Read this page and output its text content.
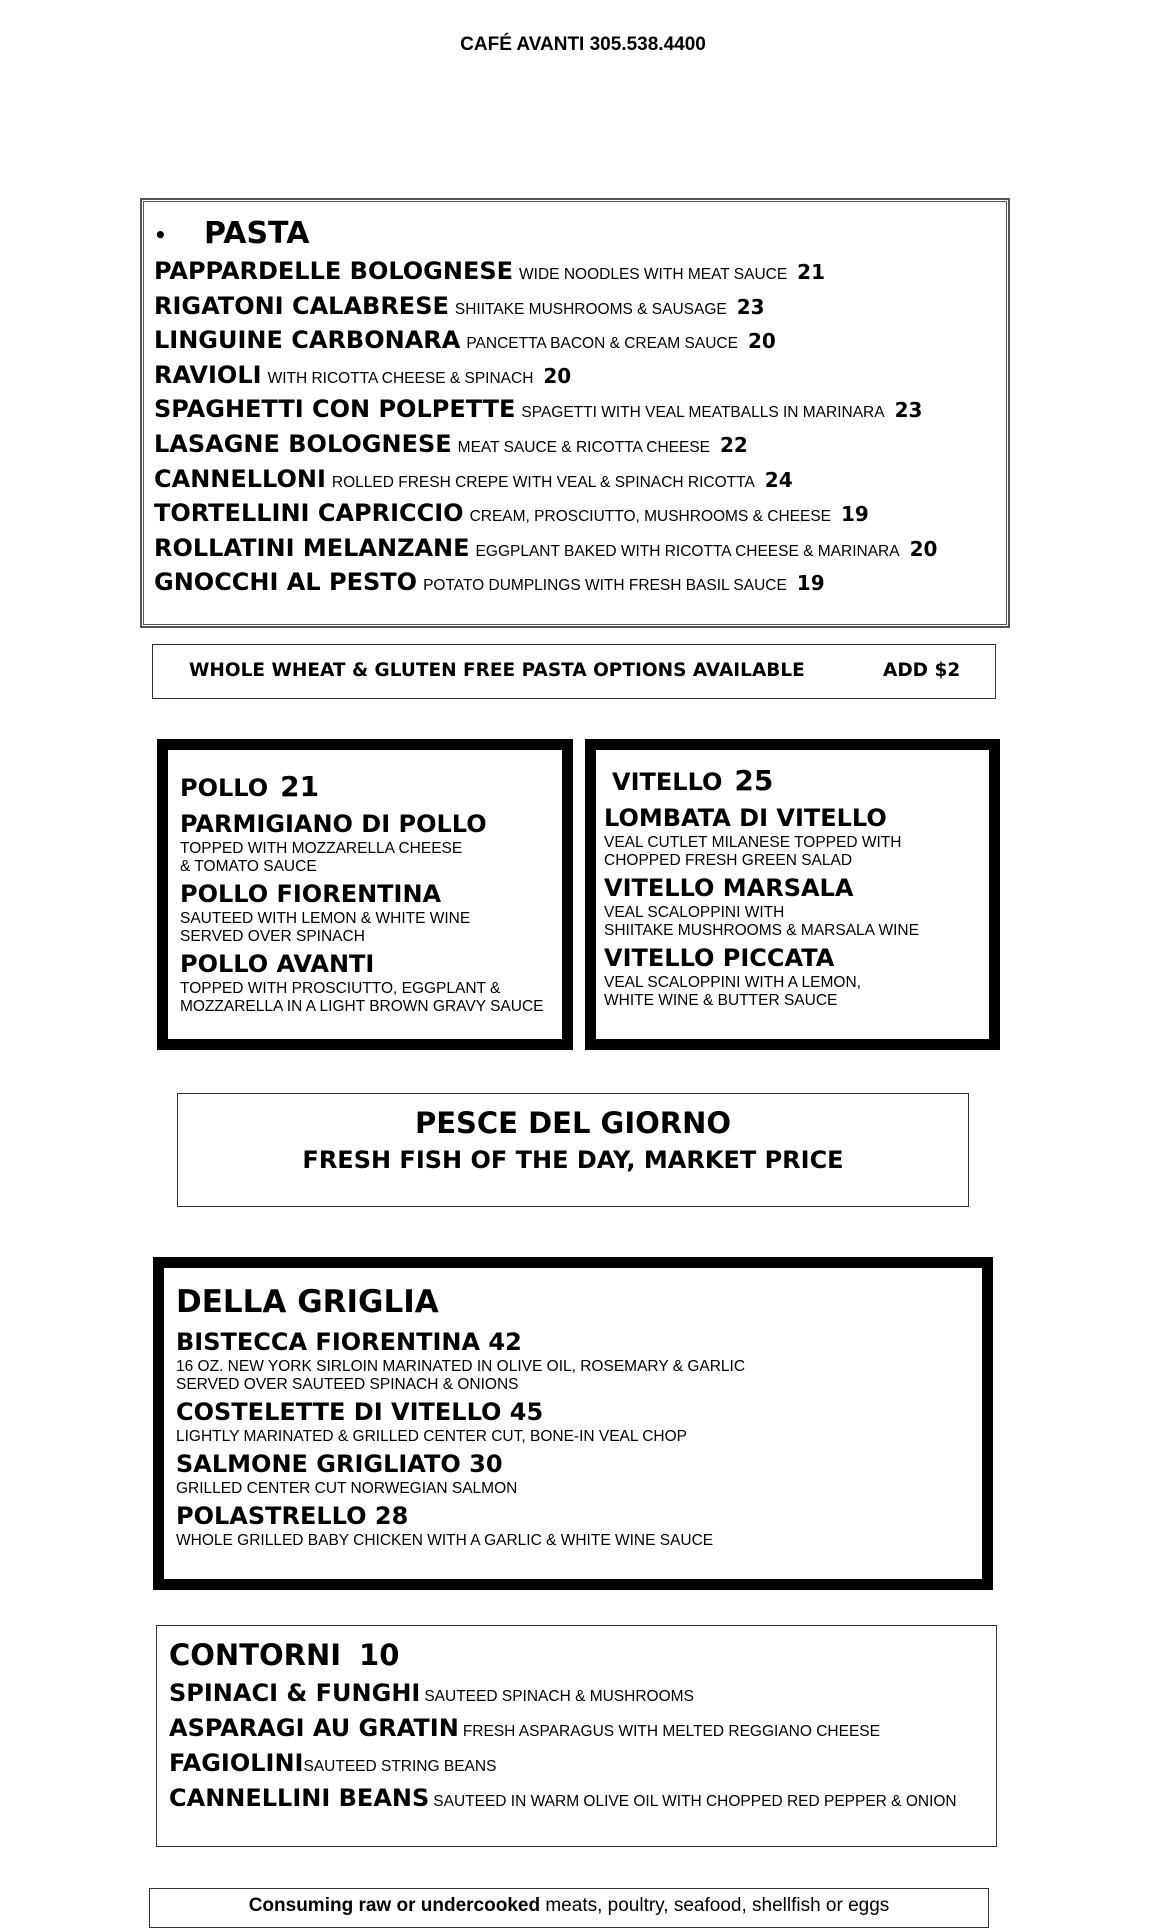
CAFÉ AVANTI 305.538.4400
• PASTA
PAPPARDELLE BOLOGNESE WIDE NOODLES WITH MEAT SAUCE 21
RIGATONI CALABRESE SHIITAKE MUSHROOMS & SAUSAGE 23
LINGUINE CARBONARA PANCETTA BACON & CREAM SAUCE 20
RAVIOLI WITH RICOTTA CHEESE & SPINACH 20
SPAGHETTI CON POLPETTE SPAGETTI WITH VEAL MEATBALLS IN MARINARA 23
LASAGNE BOLOGNESE MEAT SAUCE & RICOTTA CHEESE 22
CANNELLONI ROLLED FRESH CREPE WITH VEAL & SPINACH RICOTTA 24
TORTELLINI CAPRICCIO CREAM, PROSCIUTTO, MUSHROOMS & CHEESE 19
ROLLATINI MELANZANE EGGPLANT BAKED WITH RICOTTA CHEESE & MARINARA 20
GNOCCHI AL PESTO POTATO DUMPLINGS WITH FRESH BASIL SAUCE 19
WHOLE WHEAT & GLUTEN FREE PASTA OPTIONS AVAILABLE	ADD $2
POLLO 21
PARMIGIANO DI POLLO
TOPPED WITH MOZZARELLA CHEESE
& TOMATO SAUCE
POLLO FIORENTINA
SAUTEED WITH LEMON & WHITE WINE
SERVED OVER SPINACH
POLLO AVANTI
TOPPED WITH PROSCIUTTO, EGGPLANT &
MOZZARELLA IN A LIGHT BROWN GRAVY SAUCE
VITELLO 25
LOMBATA DI VITELLO
VEAL CUTLET MILANESE TOPPED WITH
CHOPPED FRESH GREEN SALAD
VITELLO MARSALA
VEAL SCALOPPINI WITH
SHIITAKE MUSHROOMS & MARSALA WINE
VITELLO PICCATA
VEAL SCALOPPINI WITH A LEMON,
WHITE WINE & BUTTER SAUCE
PESCE DEL GIORNO
FRESH FISH OF THE DAY, MARKET PRICE
DELLA GRIGLIA
BISTECCA FIORENTINA 42
16 OZ. NEW YORK SIRLOIN MARINATED IN OLIVE OIL, ROSEMARY & GARLIC
SERVED OVER SAUTEED SPINACH & ONIONS
COSTELETTE DI VITELLO 45
LIGHTLY MARINATED & GRILLED CENTER CUT, BONE-IN VEAL CHOP
SALMONE GRIGLIATO 30
GRILLED CENTER CUT NORWEGIAN SALMON
POLASTRELLO 28
WHOLE GRILLED BABY CHICKEN WITH A GARLIC & WHITE WINE SAUCE
CONTORNI 10
SPINACI & FUNGHI SAUTEED SPINACH & MUSHROOMS
ASPARAGI AU GRATIN FRESH ASPARAGUS WITH MELTED REGGIANO CHEESE
FAGIOLINISAUTEED STRING BEANS
CANNELLINI BEANS SAUTEED IN WARM OLIVE OIL WITH CHOPPED RED PEPPER & ONION
Consuming raw or undercooked meats, poultry, seafood, shellfish or eggs
